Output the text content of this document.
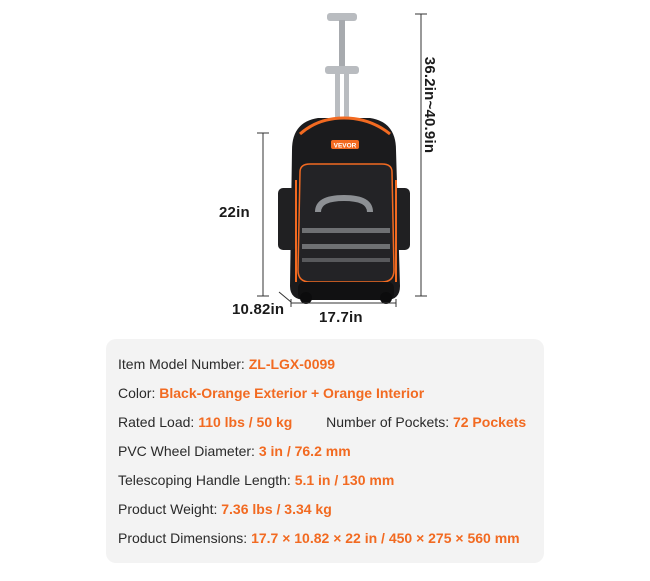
VEVOR
22in
10.82in 17.7in
36.2in~40.9in
Item Model Number: ZL-LGX-0099
Color: Black-Orange Exterior + Orange Interior
Rated Load: 110 lbs / 50 kg Number of Pockets: 72 Pockets
PVC Wheel Diameter: 3 in / 76.2 mm
Telescoping Handle Length: 5.1 in / 130 mm
Product Weight: 7.36 lbs / 3.34 kg
Product Dimensions: 17.7 × 10.82 × 22 in / 450 × 275 × 560 mm
